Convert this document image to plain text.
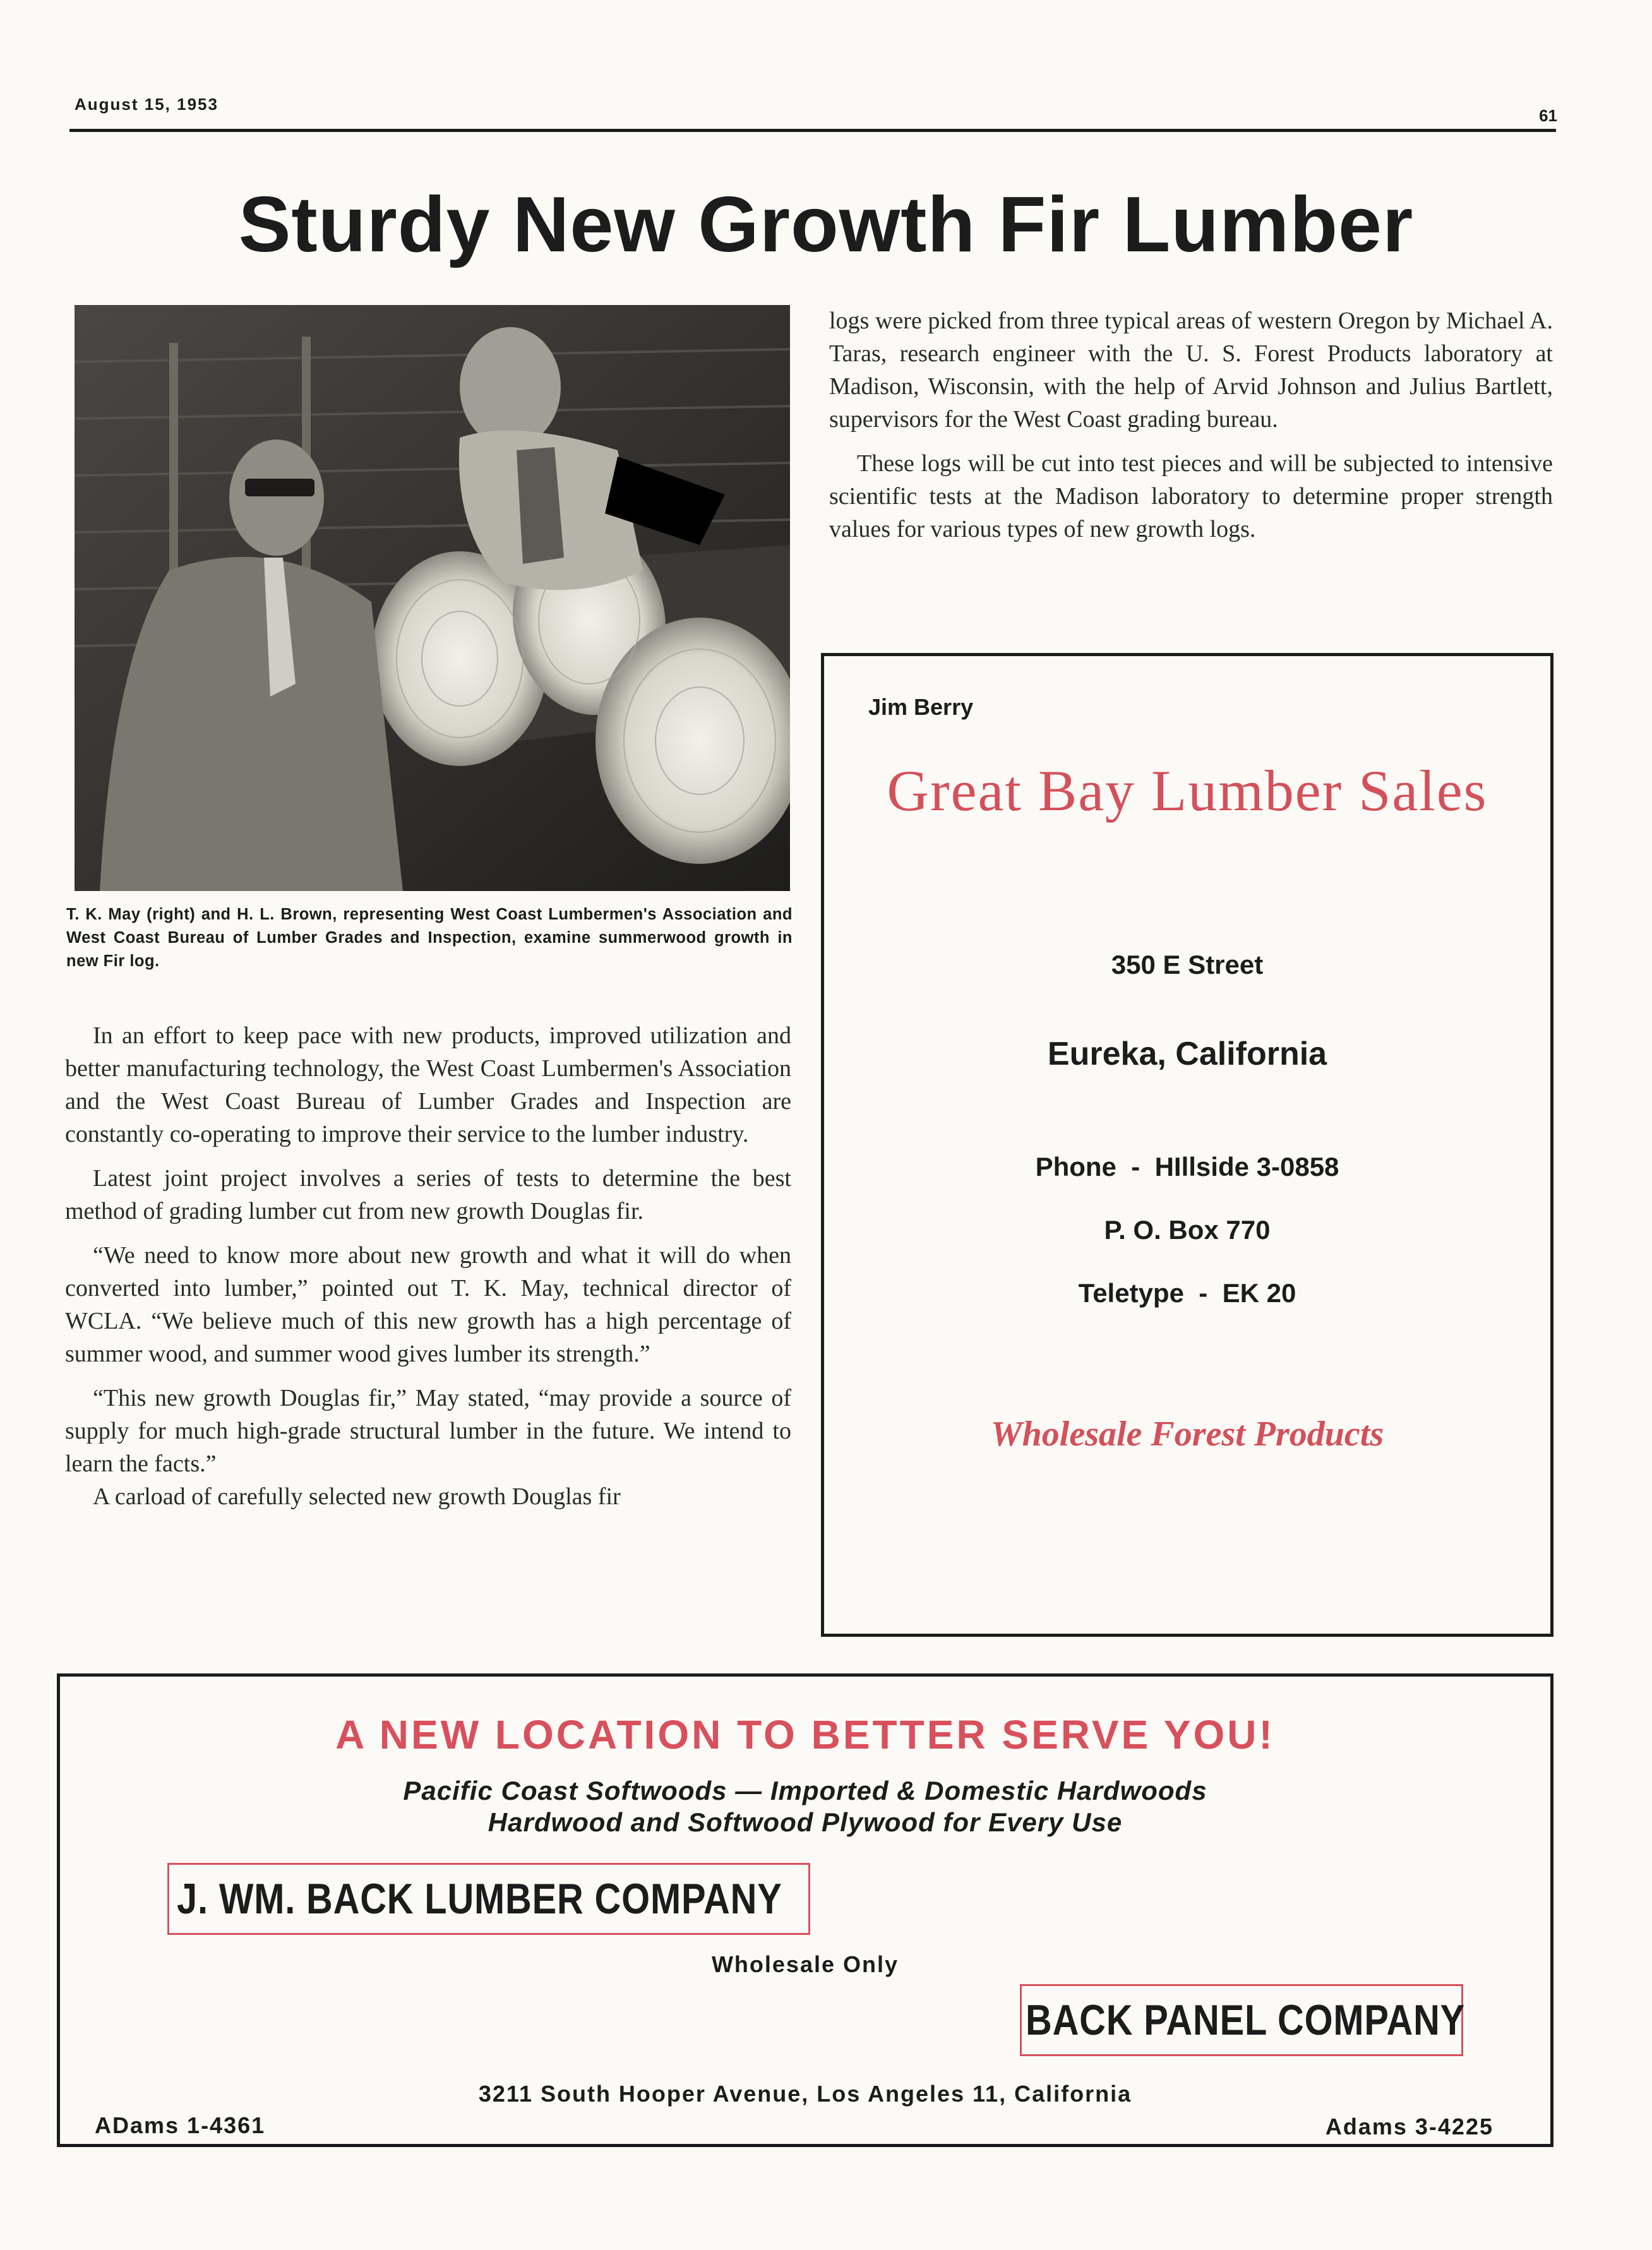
August 15, 1953
61
Sturdy New Growth Fir Lumber
T. K. May (right) and H. L. Brown, representing West Coast Lumbermen's Association and West Coast Bureau of Lumber Grades and Inspection, examine summerwood growth in new Fir log.

In an effort to keep pace with new products, improved utilization and better manufacturing technology, the West Coast Lumbermen's Association and the West Coast Bureau of Lumber Grades and Inspection are constantly co-operating to improve their service to the lumber industry.

Latest joint project involves a series of tests to determine the best method of grading lumber cut from new growth Douglas fir.

“We need to know more about new growth and what it will do when converted into lumber,” pointed out T. K. May, technical director of WCLA. “We believe much of this new growth has a high percentage of summer wood, and summer wood gives lumber its strength.”

“This new growth Douglas fir,” May stated, “may provide a source of supply for much high-grade structural lumber in the future. We intend to learn the facts.”

A carload of carefully selected new growth Douglas fir

logs were picked from three typical areas of western Oregon by Michael A. Taras, research engineer with the U. S. Forest Products laboratory at Madison, Wisconsin, with the help of Arvid Johnson and Julius Bartlett, supervisors for the West Coast grading bureau.

These logs will be cut into test pieces and will be subjected to intensive scientific tests at the Madison laboratory to determine proper strength values for various types of new growth logs.

Jim Berry
Great Bay Lumber Sales
350 E Street
Eureka, California
Phone  -  HIllside 3-0858
P. O. Box 770
Teletype  -  EK 20
Wholesale Forest Products
A NEW LOCATION TO BETTER SERVE YOU!
Pacific Coast Softwoods — Imported & Domestic Hardwoods
Hardwood and Softwood Plywood for Every Use
J. WM. BACK LUMBER COMPANY
Wholesale Only
BACK PANEL COMPANY
3211 South Hooper Avenue, Los Angeles 11, California
ADams 1-4361	Adams 3-4225
